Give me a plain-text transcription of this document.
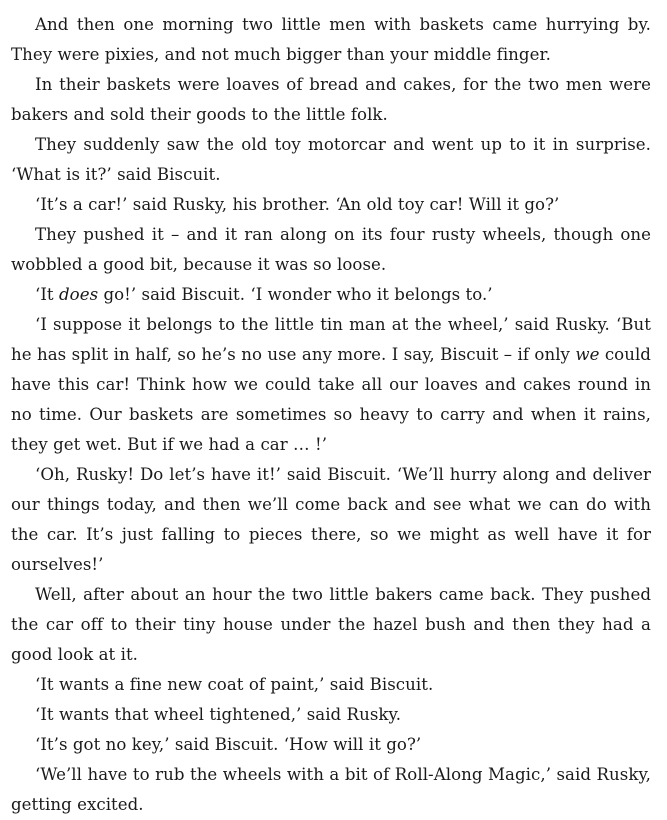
And then one morning two little men with baskets came hurrying by. They were pixies, and not much bigger than your middle finger.

In their baskets were loaves of bread and cakes, for the two men were bakers and sold their goods to the little folk.

They suddenly saw the old toy motorcar and went up to it in surprise. ‘What is it?’ said Biscuit.

‘It’s a car!’ said Rusky, his brother. ‘An old toy car! Will it go?’

They pushed it – and it ran along on its four rusty wheels, though one wobbled a good bit, because it was so loose.

‘It does go!’ said Biscuit. ‘I wonder who it belongs to.’

‘I suppose it belongs to the little tin man at the wheel,’ said Rusky. ‘But he has split in half, so he’s no use any more. I say, Biscuit – if only we could have this car! Think how we could take all our loaves and cakes round in no time. Our baskets are sometimes so heavy to carry and when it rains, they get wet. But if we had a car … !’

‘Oh, Rusky! Do let’s have it!’ said Biscuit. ‘We’ll hurry along and deliver our things today, and then we’ll come back and see what we can do with the car. It’s just falling to pieces there, so we might as well have it for ourselves!’

Well, after about an hour the two little bakers came back. They pushed the car off to their tiny house under the hazel bush and then they had a good look at it.

‘It wants a fine new coat of paint,’ said Biscuit.

‘It wants that wheel tightened,’ said Rusky.

‘It’s got no key,’ said Biscuit. ‘How will it go?’

‘We’ll have to rub the wheels with a bit of Roll-Along Magic,’ said Rusky, getting excited.
